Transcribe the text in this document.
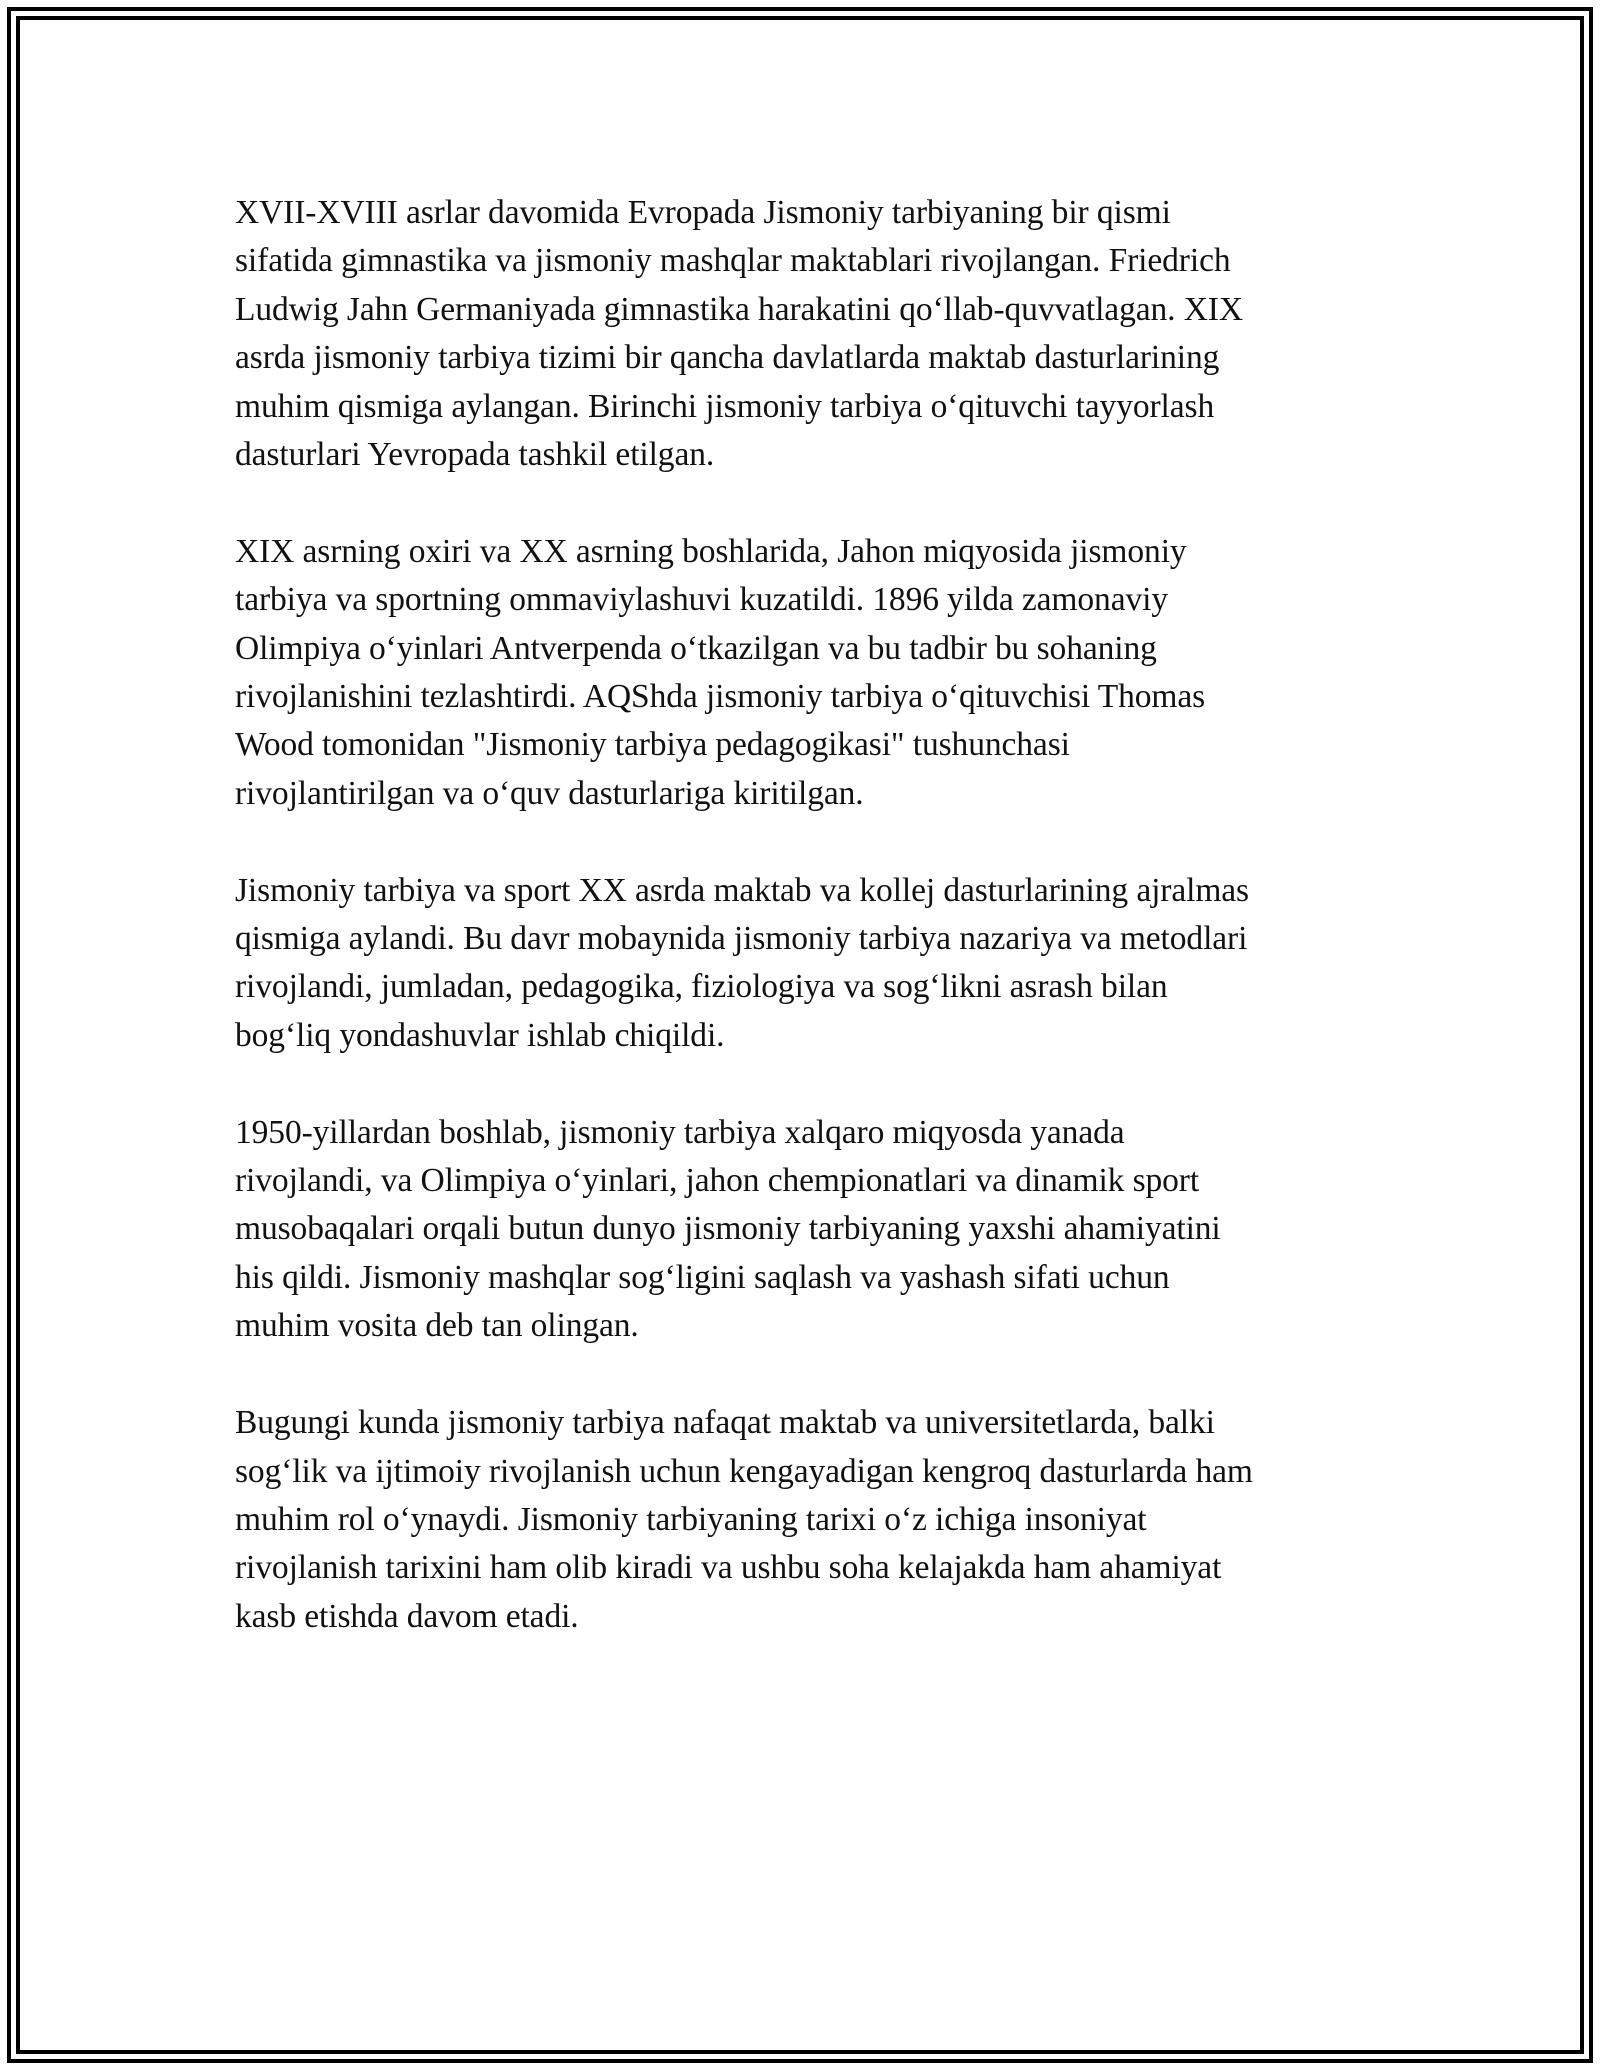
XVII-XVIII asrlar davomida Evropada Jismoniy tarbiyaning bir qismi
sifatida gimnastika va jismoniy mashqlar maktablari rivojlangan. Friedrich
Ludwig Jahn Germaniyada gimnastika harakatini qo‘llab-quvvatlagan. XIX
asrda jismoniy tarbiya tizimi bir qancha davlatlarda maktab dasturlarining
muhim qismiga aylangan. Birinchi jismoniy tarbiya o‘qituvchi tayyorlash
dasturlari Yevropada tashkil etilgan.

XIX asrning oxiri va XX asrning boshlarida, Jahon miqyosida jismoniy
tarbiya va sportning ommaviylashuvi kuzatildi. 1896 yilda zamonaviy
Olimpiya o‘yinlari Antverpenda o‘tkazilgan va bu tadbir bu sohaning
rivojlanishini tezlashtirdi. AQShda jismoniy tarbiya o‘qituvchisi Thomas
Wood tomonidan "Jismoniy tarbiya pedagogikasi" tushunchasi
rivojlantirilgan va o‘quv dasturlariga kiritilgan.

Jismoniy tarbiya va sport XX asrda maktab va kollej dasturlarining ajralmas
qismiga aylandi. Bu davr mobaynida jismoniy tarbiya nazariya va metodlari
rivojlandi, jumladan, pedagogika, fiziologiya va sog‘likni asrash bilan
bog‘liq yondashuvlar ishlab chiqildi.

1950-yillardan boshlab, jismoniy tarbiya xalqaro miqyosda yanada
rivojlandi, va Olimpiya o‘yinlari, jahon chempionatlari va dinamik sport
musobaqalari orqali butun dunyo jismoniy tarbiyaning yaxshi ahamiyatini
his qildi. Jismoniy mashqlar sog‘ligini saqlash va yashash sifati uchun
muhim vosita deb tan olingan.

Bugungi kunda jismoniy tarbiya nafaqat maktab va universitetlarda, balki
sog‘lik va ijtimoiy rivojlanish uchun kengayadigan kengroq dasturlarda ham
muhim rol o‘ynaydi. Jismoniy tarbiyaning tarixi o‘z ichiga insoniyat
rivojlanish tarixini ham olib kiradi va ushbu soha kelajakda ham ahamiyat
kasb etishda davom etadi.
